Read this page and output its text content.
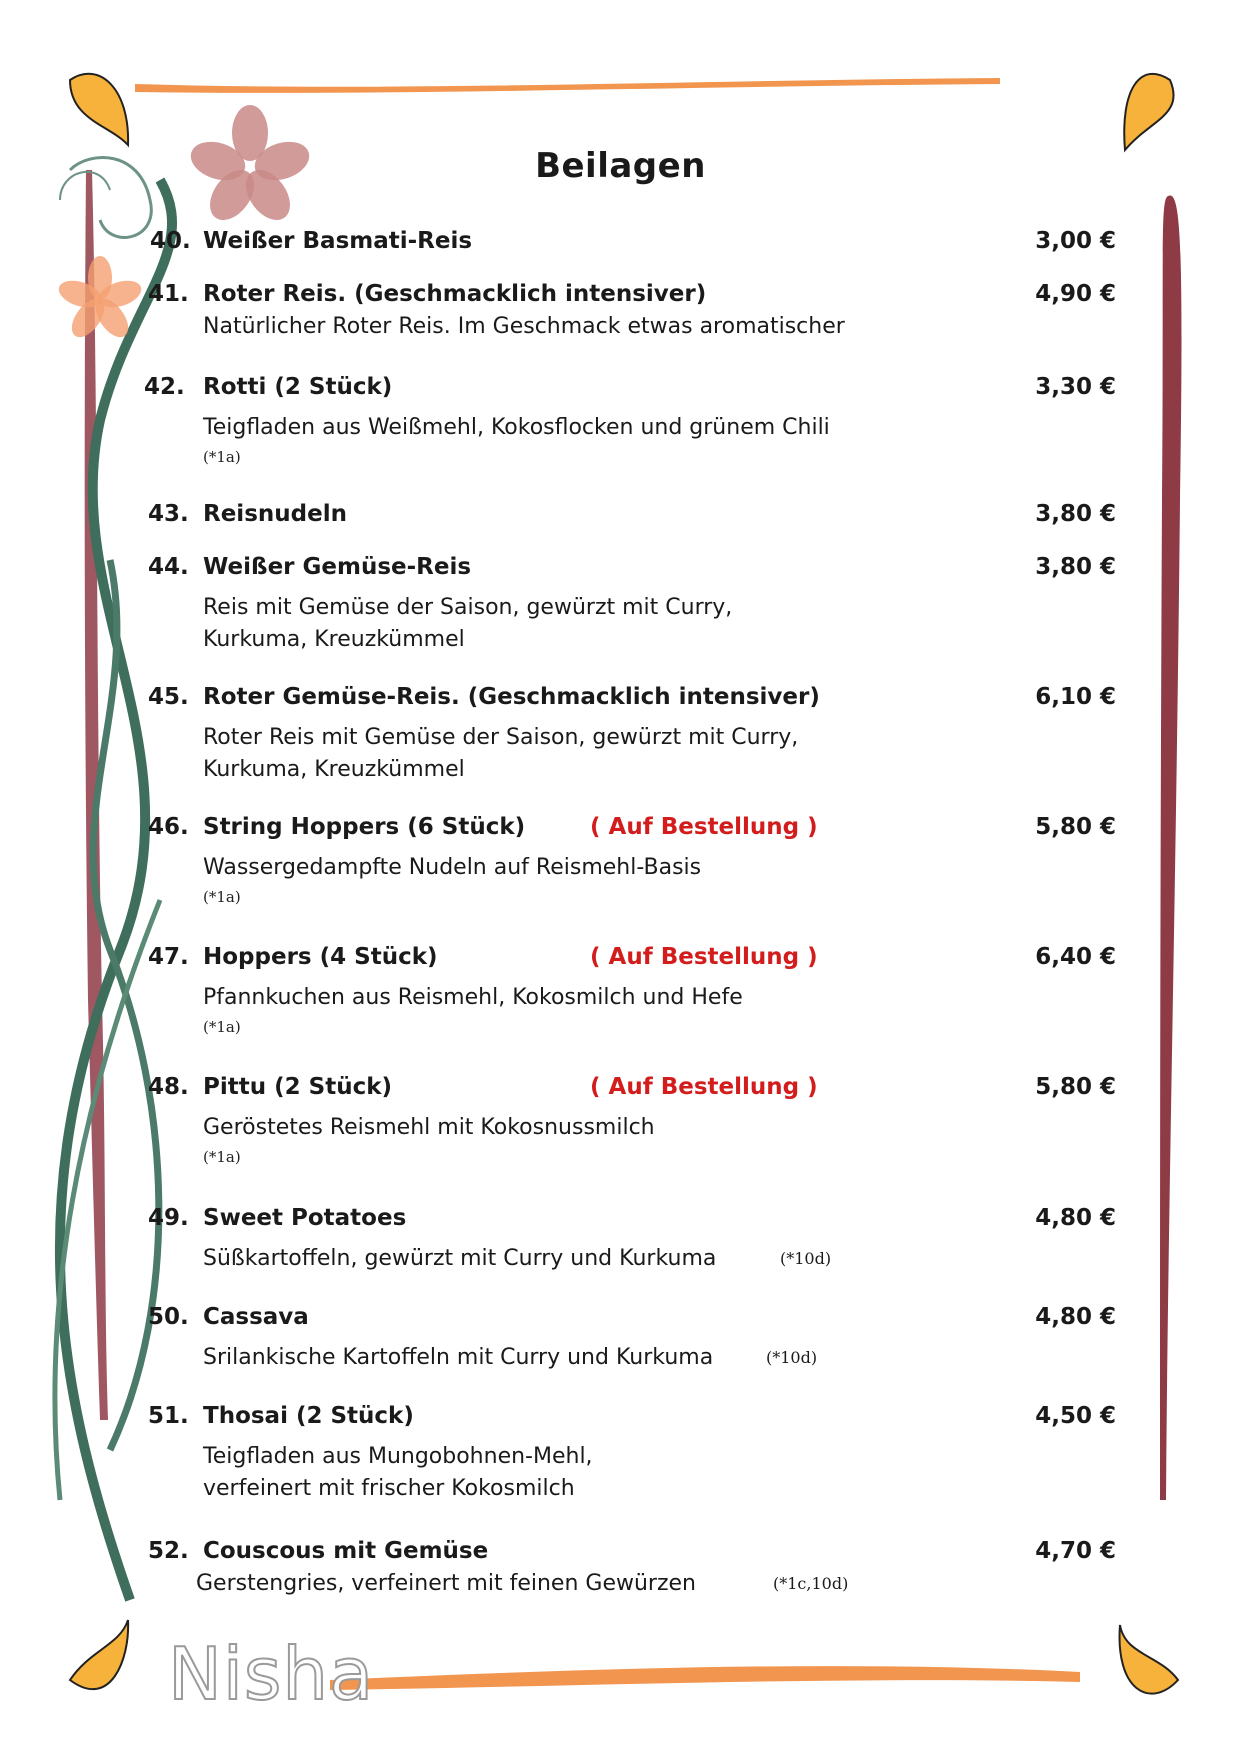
Beilagen
40. Weißer Basmati-Reis	3,00 €
41. Roter Reis. (Geschmacklich intensiver)	4,90 €
Natürlicher Roter Reis. Im Geschmack etwas aromatischer
42. Rotti (2 Stück)	3,30 €
Teigfladen aus Weißmehl, Kokosflocken und grünem Chili
(*1a)
43. Reisnudeln	3,80 €
44. Weißer Gemüse-Reis	3,80 €
Reis mit Gemüse der Saison, gewürzt mit Curry,
Kurkuma, Kreuzkümmel
45. Roter Gemüse-Reis. (Geschmacklich intensiver)	6,10 €
Roter Reis mit Gemüse der Saison, gewürzt mit Curry,
Kurkuma, Kreuzkümmel
46. String Hoppers (6 Stück)	( Auf Bestellung )	5,80 €
Wassergedampfte Nudeln auf Reismehl-Basis
(*1a)
47. Hoppers (4 Stück)	( Auf Bestellung )	6,40 €
Pfannkuchen aus Reismehl, Kokosmilch und Hefe
(*1a)
48. Pittu (2 Stück)	( Auf Bestellung )	5,80 €
Geröstetes Reismehl mit Kokosnussmilch
(*1a)
49. Sweet Potatoes	4,80 €
Süßkartoffeln, gewürzt mit Curry und Kurkuma	(*10d)
50. Cassava	4,80 €
Srilankische Kartoffeln mit Curry und Kurkuma	(*10d)
51. Thosai (2 Stück)	4,50 €
Teigfladen aus Mungobohnen-Mehl,
verfeinert mit frischer Kokosmilch
52. Couscous mit Gemüse	4,70 €
Gerstengries, verfeinert mit feinen Gewürzen	(*1c,10d)
Nisha
